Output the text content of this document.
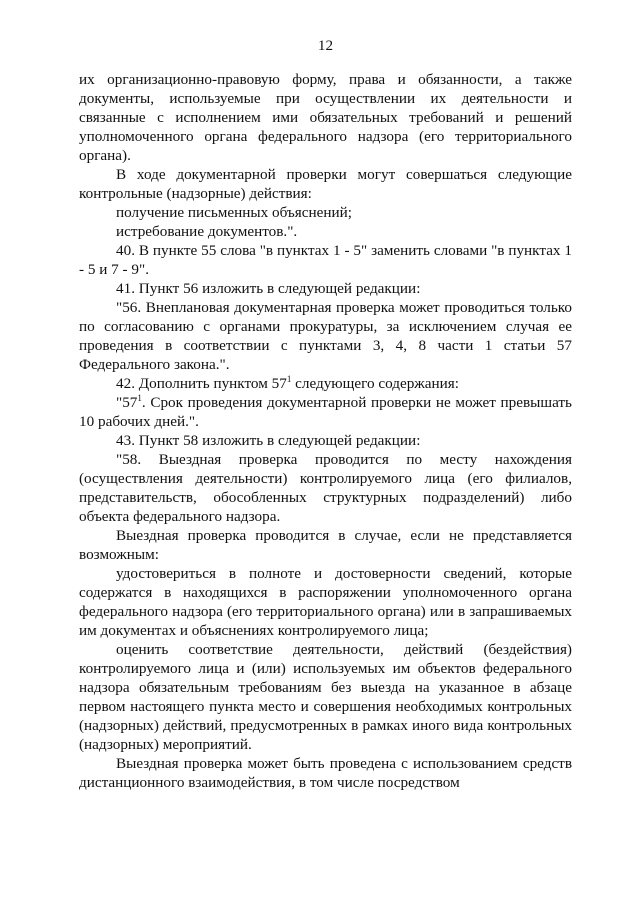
12

их организационно-правовую форму, права и обязанности, а также документы, используемые при осуществлении их деятельности и связанные с исполнением ими обязательных требований и решений уполномоченного органа федерального надзора (его территориального органа).

В ходе документарной проверки могут совершаться следующие контрольные (надзорные) действия:

получение письменных объяснений;

истребование документов.".

40. В пункте 55 слова "в пунктах 1 - 5" заменить словами "в пунктах 1 - 5 и 7 - 9".

41. Пункт 56 изложить в следующей редакции:

"56. Внеплановая документарная проверка может проводиться только по согласованию с органами прокуратуры, за исключением случая ее проведения в соответствии с пунктами 3, 4, 8 части 1 статьи 57 Федерального закона.".

42. Дополнить пунктом $57^1$ следующего содержания:

"$57^1$. Срок проведения документарной проверки не может превышать 10 рабочих дней.".

43. Пункт 58 изложить в следующей редакции:

"58. Выездная проверка проводится по месту нахождения (осуществления деятельности) контролируемого лица (его филиалов, представительств, обособленных структурных подразделений) либо объекта федерального надзора.

Выездная проверка проводится в случае, если не представляется возможным:

удостовериться в полноте и достоверности сведений, которые содержатся в находящихся в распоряжении уполномоченного органа федерального надзора (его территориального органа) или в запрашиваемых им документах и объяснениях контролируемого лица;

оценить соответствие деятельности, действий (бездействия) контролируемого лица и (или) используемых им объектов федерального надзора обязательным требованиям без выезда на указанное в абзаце первом настоящего пункта место и совершения необходимых контрольных (надзорных) действий, предусмотренных в рамках иного вида контрольных (надзорных) мероприятий.

Выездная проверка может быть проведена с использованием средств дистанционного взаимодействия, в том числе посредством
